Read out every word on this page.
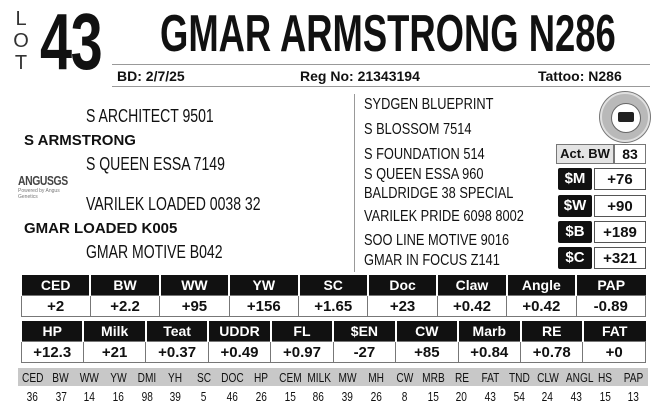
L
O
T 43 GMAR ARMSTRONG N286
BD: 2/7/25	Reg No: 21343194	Tattoo: N286
S ARCHITECT 9501
S ARMSTRONG
S QUEEN ESSA 7149
ANGUSGS
Powered by Angus Genetics	VARILEK LOADED 0038 32
GMAR LOADED K005
GMAR MOTIVE B042
SYDGEN BLUEPRINT
S BLOSSOM 7514
S FOUNDATION 514
S QUEEN ESSA 960
BALDRIDGE 38 SPECIAL
VARILEK PRIDE 6098 8002
SOO LINE MOTIVE 9016
GMAR IN FOCUS Z141
Act. BW 83
$M	+76
$W	+90
$B	+189
$C	+321
CED	BW	WW	YW	SC	Doc	Claw	Angle	PAP
+2	+2.2	+95	+156	+1.65	+23	+0.42	+0.42	-0.89
HP	Milk	Teat	UDDR	FL	$EN	CW	Marb	RE	FAT
+12.3	+21	+0.37	+0.49	+0.97	-27	+85	+0.84	+0.78	+0
CED	BW	WW	YW	DMI	YH	SC	DOC	HP	CEM	MILK	MW	MH	CW	MRB	RE	FAT	TND	CLW	ANGL	HS	PAP
36	37	14	16	98	39	5	46	26	15	86	39	26	8	15	20	43	54	24	43	15	13
